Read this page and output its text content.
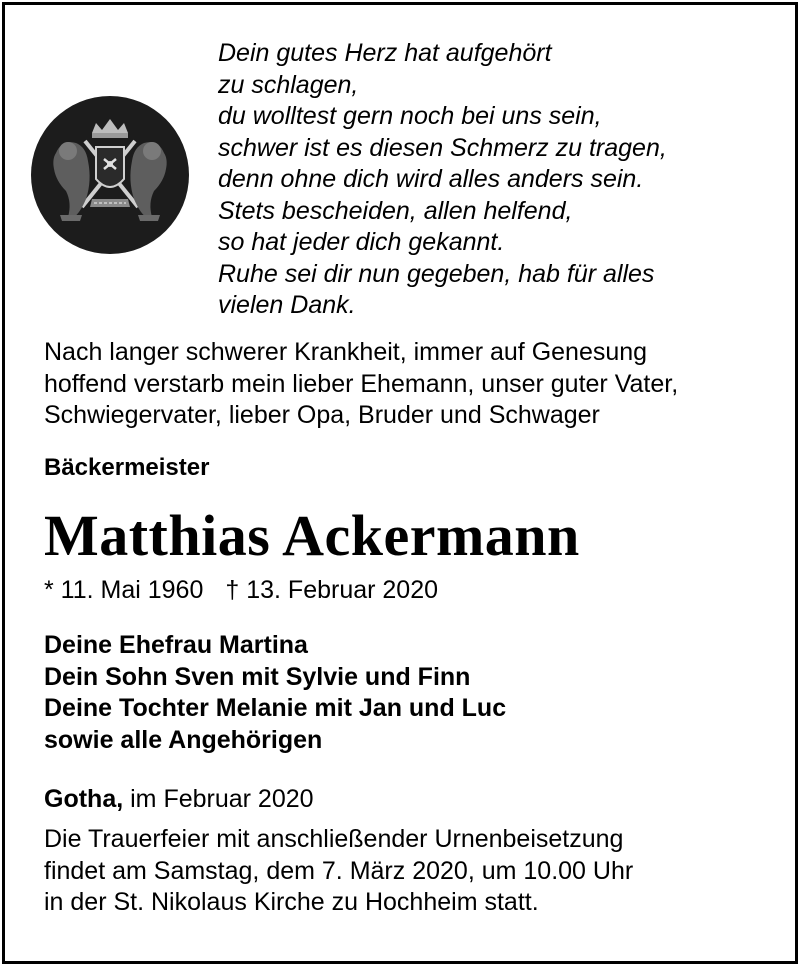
Dein gutes Herz hat aufgehört
zu schlagen,
du wolltest gern noch bei uns sein,
schwer ist es diesen Schmerz zu tragen,
denn ohne dich wird alles anders sein.
Stets bescheiden, allen helfend,
so hat jeder dich gekannt.
Ruhe sei dir nun gegeben, hab für alles
vielen Dank.
Nach langer schwerer Krankheit, immer auf Genesung
hoffend verstarb mein lieber Ehemann, unser guter Vater,
Schwiegervater, lieber Opa, Bruder und Schwager
Bäckermeister
Matthias Ackermann
* 11. Mai 1960 † 13. Februar 2020
Deine Ehefrau Martina
Dein Sohn Sven mit Sylvie und Finn
Deine Tochter Melanie mit Jan und Luc
sowie alle Angehörigen
Gotha, im Februar 2020
Die Trauerfeier mit anschließender Urnenbeisetzung
findet am Samstag, dem 7. März 2020, um 10.00 Uhr
in der St. Nikolaus Kirche zu Hochheim statt.
